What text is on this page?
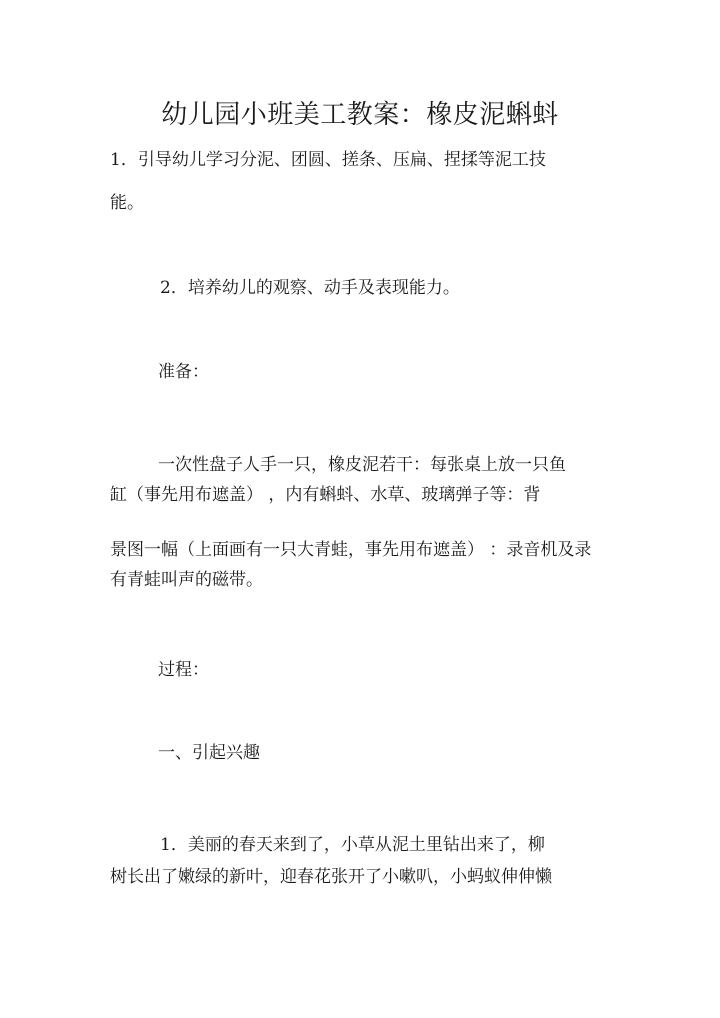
幼儿园小班美工教案：橡皮泥蝌蚪
1．引导幼儿学习分泥、团圆、搓条、压扁、捏揉等泥工技
能。
2．培养幼儿的观察、动手及表现能力。
准备：
一次性盘子人手一只，橡皮泥若干：每张桌上放一只鱼
缸（事先用布遮盖） ，内有蝌蚪、水草、玻璃弹子等：背
景图一幅（上面画有一只大青蛙，事先用布遮盖） ：录音机及录
有青蛙叫声的磁带。
过程：
一、引起兴趣
1．美丽的春天来到了，小草从泥土里钻出来了，柳
树长出了嫩绿的新叶，迎春花张开了小嗽叭，小蚂蚁伸伸懒
